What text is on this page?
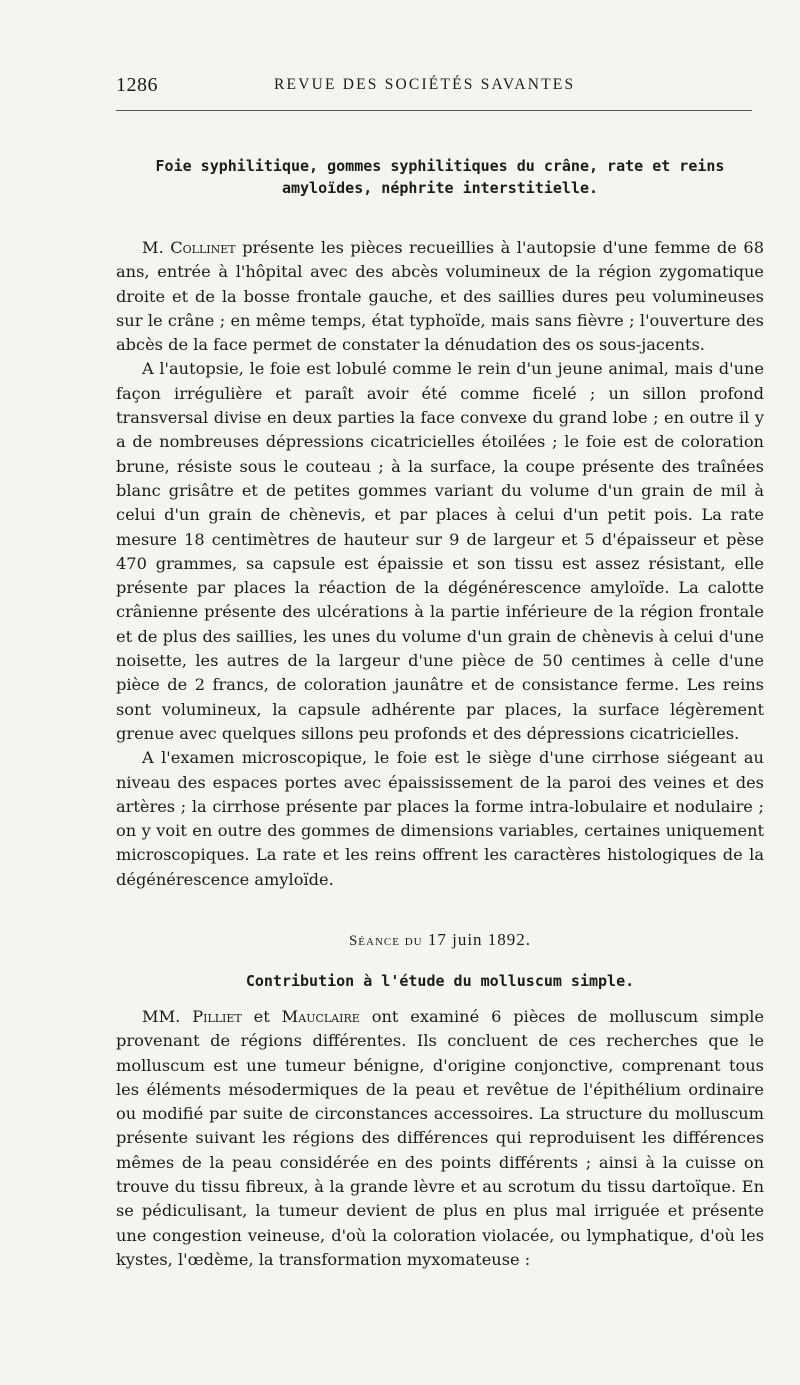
1286	REVUE DES SOCIÉTÉS SAVANTES
Foie syphilitique, gommes syphilitiques du crâne, rate et reins amyloïdes, néphrite interstitielle.

M. Collinet présente les pièces recueillies à l'autopsie d'une femme de 68 ans, entrée à l'hôpital avec des abcès volumineux de la région zygomatique droite et de la bosse frontale gauche, et des saillies dures peu volumineuses sur le crâne ; en même temps, état typhoïde, mais sans fièvre ; l'ouverture des abcès de la face permet de constater la dénudation des os sous-jacents.

A l'autopsie, le foie est lobulé comme le rein d'un jeune animal, mais d'une façon irrégulière et paraît avoir été comme ficelé ; un sillon profond transversal divise en deux parties la face convexe du grand lobe ; en outre il y a de nombreuses dépressions cicatricielles étoilées ; le foie est de coloration brune, résiste sous le couteau ; à la surface, la coupe présente des traînées blanc grisâtre et de petites gommes variant du volume d'un grain de mil à celui d'un grain de chènevis, et par places à celui d'un petit pois. La rate mesure 18 centimètres de hauteur sur 9 de largeur et 5 d'épaisseur et pèse 470 grammes, sa capsule est épaissie et son tissu est assez résistant, elle présente par places la réaction de la dégénérescence amyloïde. La calotte crânienne présente des ulcérations à la partie inférieure de la région frontale et de plus des saillies, les unes du volume d'un grain de chènevis à celui d'une noisette, les autres de la largeur d'une pièce de 50 centimes à celle d'une pièce de 2 francs, de coloration jaunâtre et de consistance ferme. Les reins sont volumineux, la capsule adhérente par places, la surface légèrement grenue avec quelques sillons peu profonds et des dépressions cicatricielles.

A l'examen microscopique, le foie est le siège d'une cirrhose siégeant au niveau des espaces portes avec épaississement de la paroi des veines et des artères ; la cirrhose présente par places la forme intra-lobulaire et nodulaire ; on y voit en outre des gommes de dimensions variables, certaines uniquement microscopiques. La rate et les reins offrent les caractères histologiques de la dégénérescence amyloïde.

Séance du 17 juin 1892.
Contribution à l'étude du molluscum simple.

MM. Pilliet et Mauclaire ont examiné 6 pièces de molluscum simple provenant de régions différentes. Ils concluent de ces recherches que le molluscum est une tumeur bénigne, d'origine conjonctive, comprenant tous les éléments mésodermiques de la peau et revêtue de l'épithélium ordinaire ou modifié par suite de circonstances accessoires. La structure du molluscum présente suivant les régions des différences qui reproduisent les différences mêmes de la peau considérée en des points différents ; ainsi à la cuisse on trouve du tissu fibreux, à la grande lèvre et au scrotum du tissu dartoïque. En se pédiculisant, la tumeur devient de plus en plus mal irriguée et présente une congestion veineuse, d'où la coloration violacée, ou lymphatique, d'où les kystes, l'œdème, la transformation myxomateuse :
